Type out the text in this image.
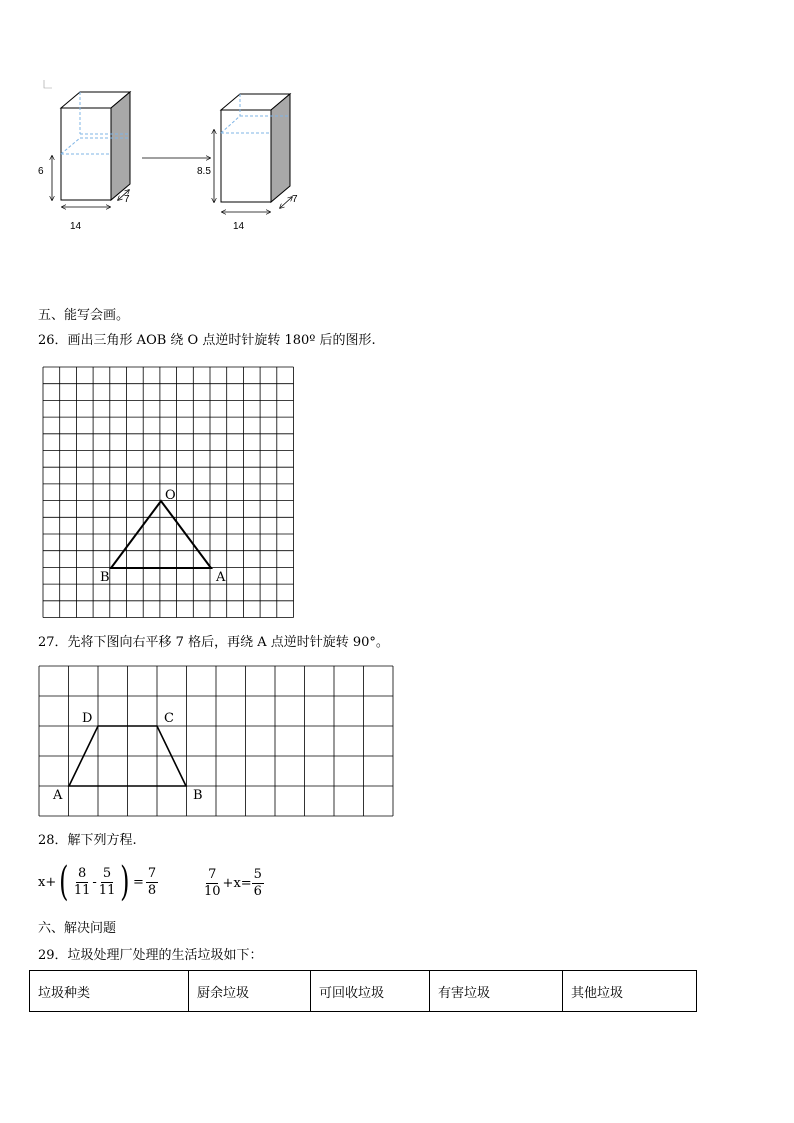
6
14
7
8.5
14
7
五、能写会画。
26．画出三角形 AOB 绕 O 点逆时针旋转 180º 后的图形.
O
B	A
27．先将下图向右平移 7 格后，再绕 A 点逆时针旋转 90°。
D	C
A	B
28．解下列方程.
x+ ( $\frac{8}{11} - \frac{5}{11}$ ) = $\frac{7}{8}$	$\frac{7}{10} +x= \frac{5}{6}$
六、解决问题
29．垃圾处理厂处理的生活垃圾如下：
垃圾种类	厨余垃圾	可回收垃圾	有害垃圾	其他垃圾
